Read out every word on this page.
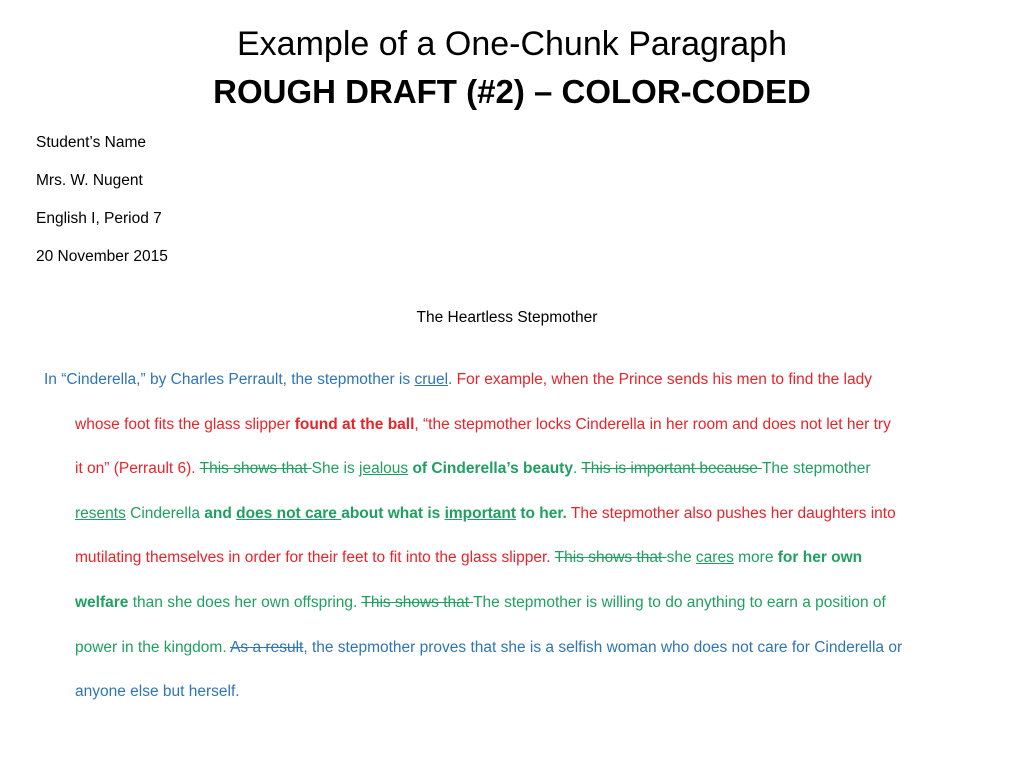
Example of a One-Chunk Paragraph
ROUGH DRAFT (#2) – COLOR-CODED
Student’s Name
Mrs. W. Nugent
English I, Period 7
20 November 2015
The Heartless Stepmother
In “Cinderella,” by Charles Perrault, the stepmother is cruel. For example, when the Prince sends his men to find the lady
whose foot fits the glass slipper found at the ball, “the stepmother locks Cinderella in her room and does not let her try
it on” (Perrault 6). This shows that She is jealous of Cinderella’s beauty. This is important because The stepmother
resents Cinderella and does not care about what is important to her. The stepmother also pushes her daughters into
mutilating themselves in order for their feet to fit into the glass slipper. This shows that she cares more for her own
welfare than she does her own offspring. This shows that The stepmother is willing to do anything to earn a position of
power in the kingdom. As a result, the stepmother proves that she is a selfish woman who does not care for Cinderella or
anyone else but herself.
